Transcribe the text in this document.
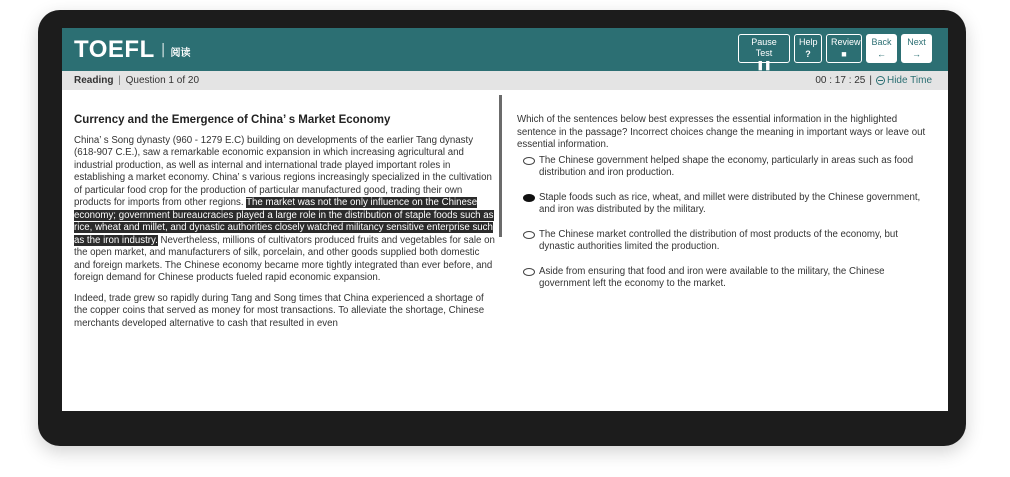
TOEFL | 阅读
Pause Test
❚❚
Help
?
Review
■
Back
←
Next
→
Reading | Question 1 of 20	00 : 17 : 25 | Hide Time
Currency and the Emergence of China’ s Market Economy

China’ s Song dynasty (960 - 1279 E.C) building on developments of the earlier Tang dynasty (618-907 C.E.), saw a remarkable economic expansion in which increasing agricultural and industrial production, as well as internal and international trade played important roles in establishing a market economy. China’ s various regions increasingly specialized in the cultivation of particular food crop for the production of particular manufactured good, trading their own products for imports from other regions. The market was not the only influence on the Chinese economy; government bureaucracies played a large role in the distribution of staple foods such as rice, wheat and millet, and dynastic authorities closely watched militancy sensitive enterprise such as the iron industry. Nevertheless, millions of cultivators produced fruits and vegetables for sale on the open market, and manufacturers of silk, porcelain, and other goods supplied both domestic and foreign markets. The Chinese economy became more tightly integrated than ever before, and foreign demand for Chinese products fueled rapid economic expansion.

Indeed, trade grew so rapidly during Tang and Song times that China experienced a shortage of the copper coins that served as money for most transactions. To alleviate the shortage, Chinese merchants developed alternative to cash that resulted in even

Which of the sentences below best expresses the essential information in the highlighted sentence in the passage? Incorrect choices change the meaning in important ways or leave out essential information.

The Chinese government helped shape the economy, particularly in areas such as food distribution and iron production.
Staple foods such as rice, wheat, and millet were distributed by the Chinese government, and iron was distributed by the military.
The Chinese market controlled the distribution of most products of the economy, but dynastic authorities limited the production.
Aside from ensuring that food and iron were available to the military, the Chinese government left the economy to the market.
